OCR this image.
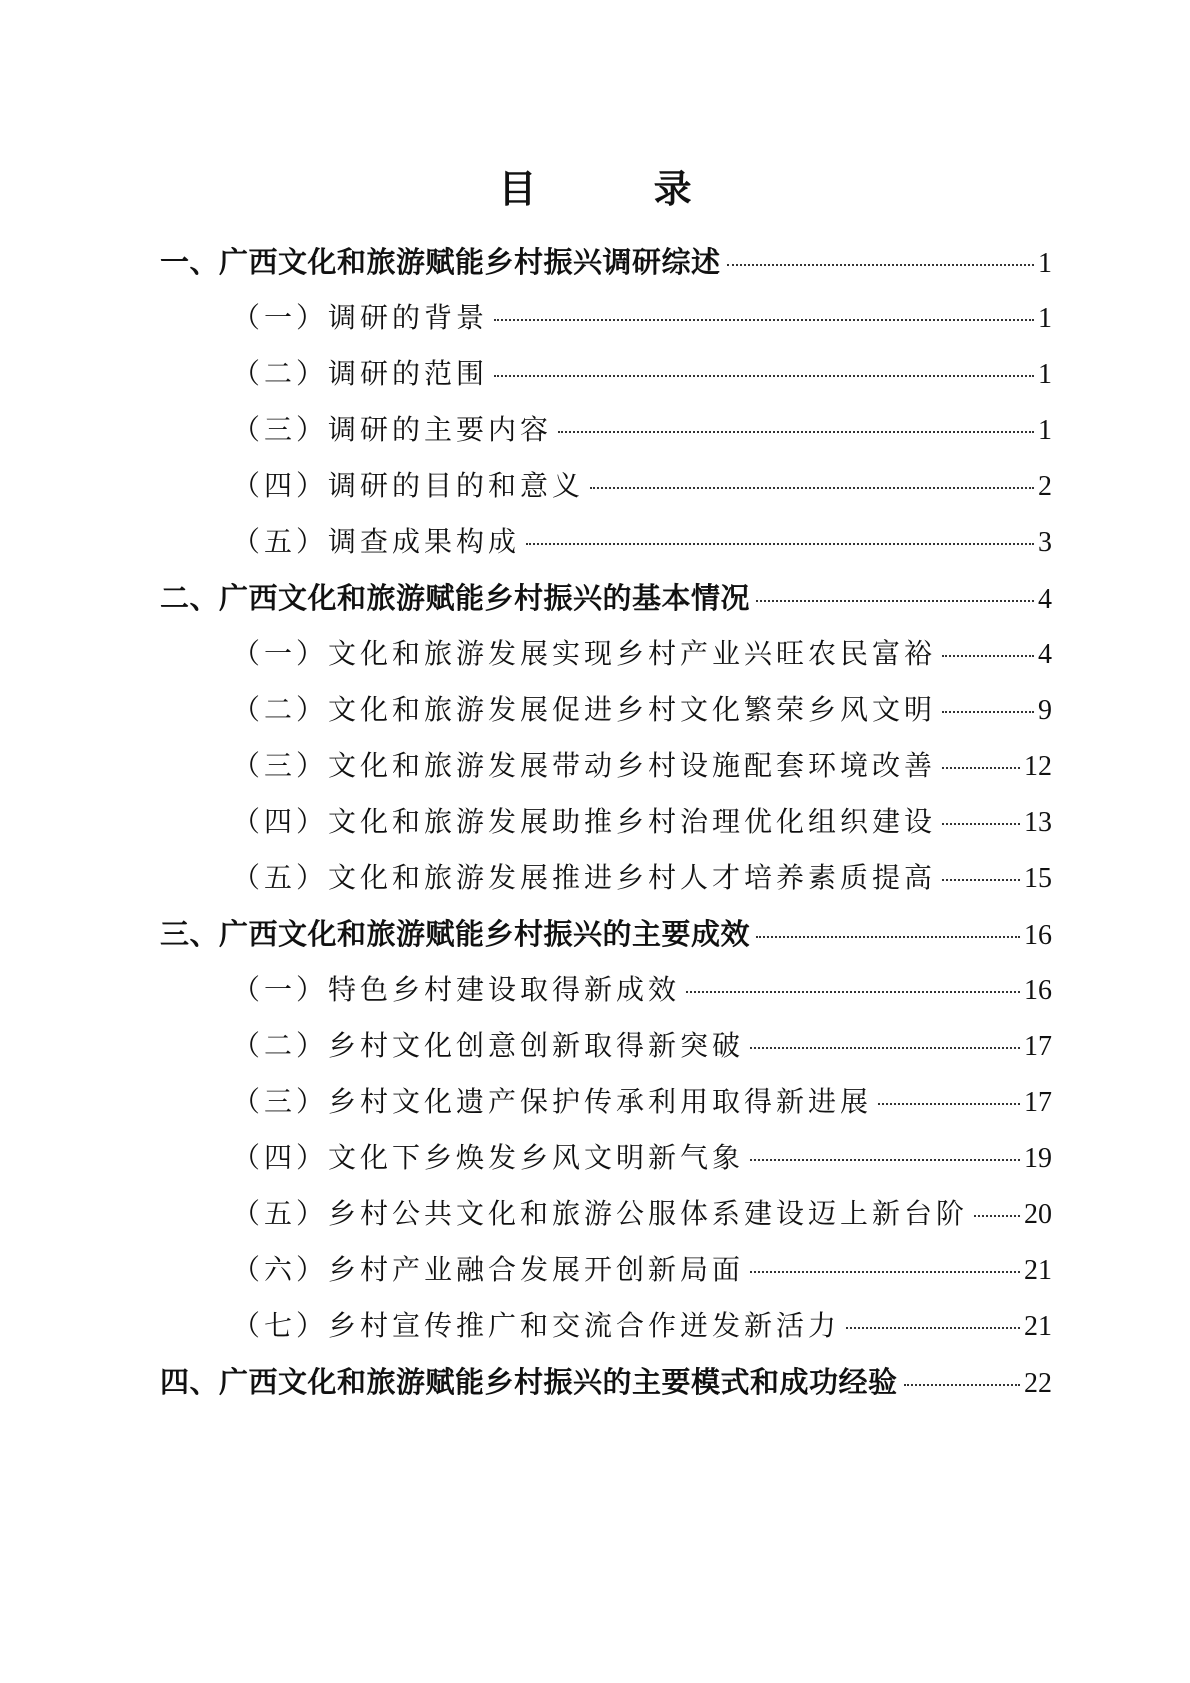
目 录
一、广西文化和旅游赋能乡村振兴调研综述	1
（一）调研的背景	1
（二）调研的范围	1
（三）调研的主要内容	1
（四）调研的目的和意义	2
（五）调查成果构成	3
二、广西文化和旅游赋能乡村振兴的基本情况	4
（一）文化和旅游发展实现乡村产业兴旺农民富裕	4
（二）文化和旅游发展促进乡村文化繁荣乡风文明	9
（三）文化和旅游发展带动乡村设施配套环境改善	12
（四）文化和旅游发展助推乡村治理优化组织建设	13
（五）文化和旅游发展推进乡村人才培养素质提高	15
三、广西文化和旅游赋能乡村振兴的主要成效	16
（一）特色乡村建设取得新成效	16
（二）乡村文化创意创新取得新突破	17
（三）乡村文化遗产保护传承利用取得新进展	17
（四）文化下乡焕发乡风文明新气象	19
（五）乡村公共文化和旅游公服体系建设迈上新台阶 20
（六）乡村产业融合发展开创新局面	21
（七）乡村宣传推广和交流合作迸发新活力	21
四、广西文化和旅游赋能乡村振兴的主要模式和成功经验	22
